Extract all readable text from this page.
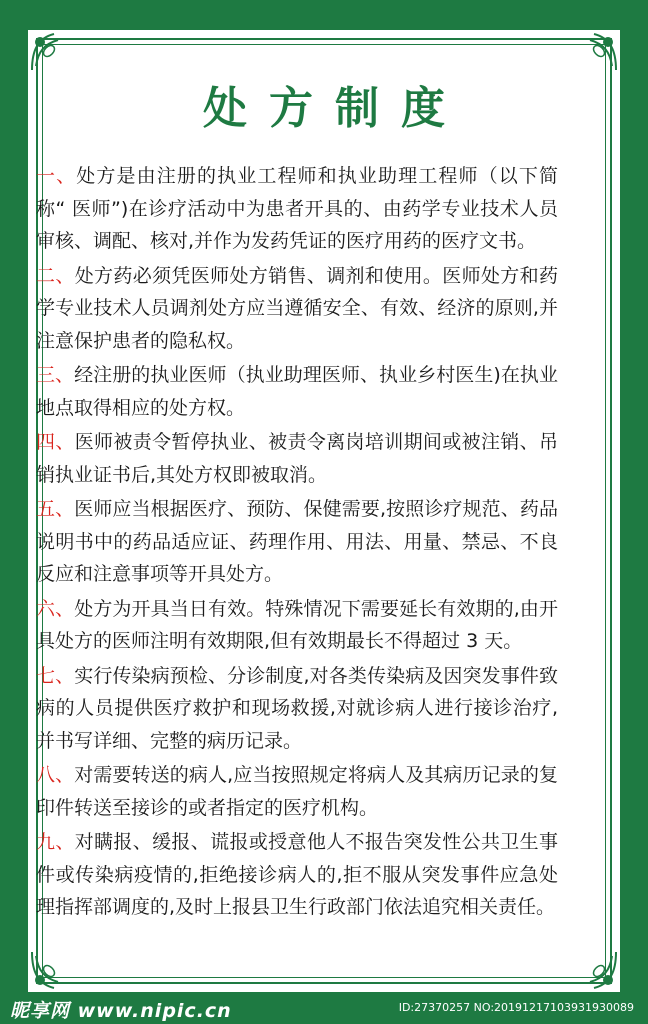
处方制度

一、处方是由注册的执业工程师和执业助理工程师（以下简称“ 医师”)在诊疗活动中为患者开具的、由药学专业技术人员审核、调配、核对,并作为发药凭证的医疗用药的医疗文书。

二、处方药必须凭医师处方销售、调剂和使用。医师处方和药学专业技术人员调剂处方应当遵循安全、有效、经济的原则,并注意保护患者的隐私权。

三、经注册的执业医师（执业助理医师、执业乡村医生)在执业地点取得相应的处方权。

四、医师被责令暂停执业、被责令离岗培训期间或被注销、吊销执业证书后,其处方权即被取消。

五、医师应当根据医疗、预防、保健需要,按照诊疗规范、药品说明书中的药品适应证、药理作用、用法、用量、禁忌、不良反应和注意事项等开具处方。

六、处方为开具当日有效。特殊情况下需要延长有效期的,由开具处方的医师注明有效期限,但有效期最长不得超过 3 天。

七、实行传染病预检、分诊制度,对各类传染病及因突发事件致病的人员提供医疗救护和现场救援,对就诊病人进行接诊治疗,并书写详细、完整的病历记录。

八、对需要转送的病人,应当按照规定将病人及其病历记录的复印件转送至接诊的或者指定的医疗机构。

九、对瞒报、缓报、谎报或授意他人不报告突发性公共卫生事件或传染病疫情的,拒绝接诊病人的,拒不服从突发事件应急处理指挥部调度的,及时上报县卫生行政部门依法追究相关责任。

昵享网 www.nipic.cn	ID:27370257 NO:20191217103931930089
